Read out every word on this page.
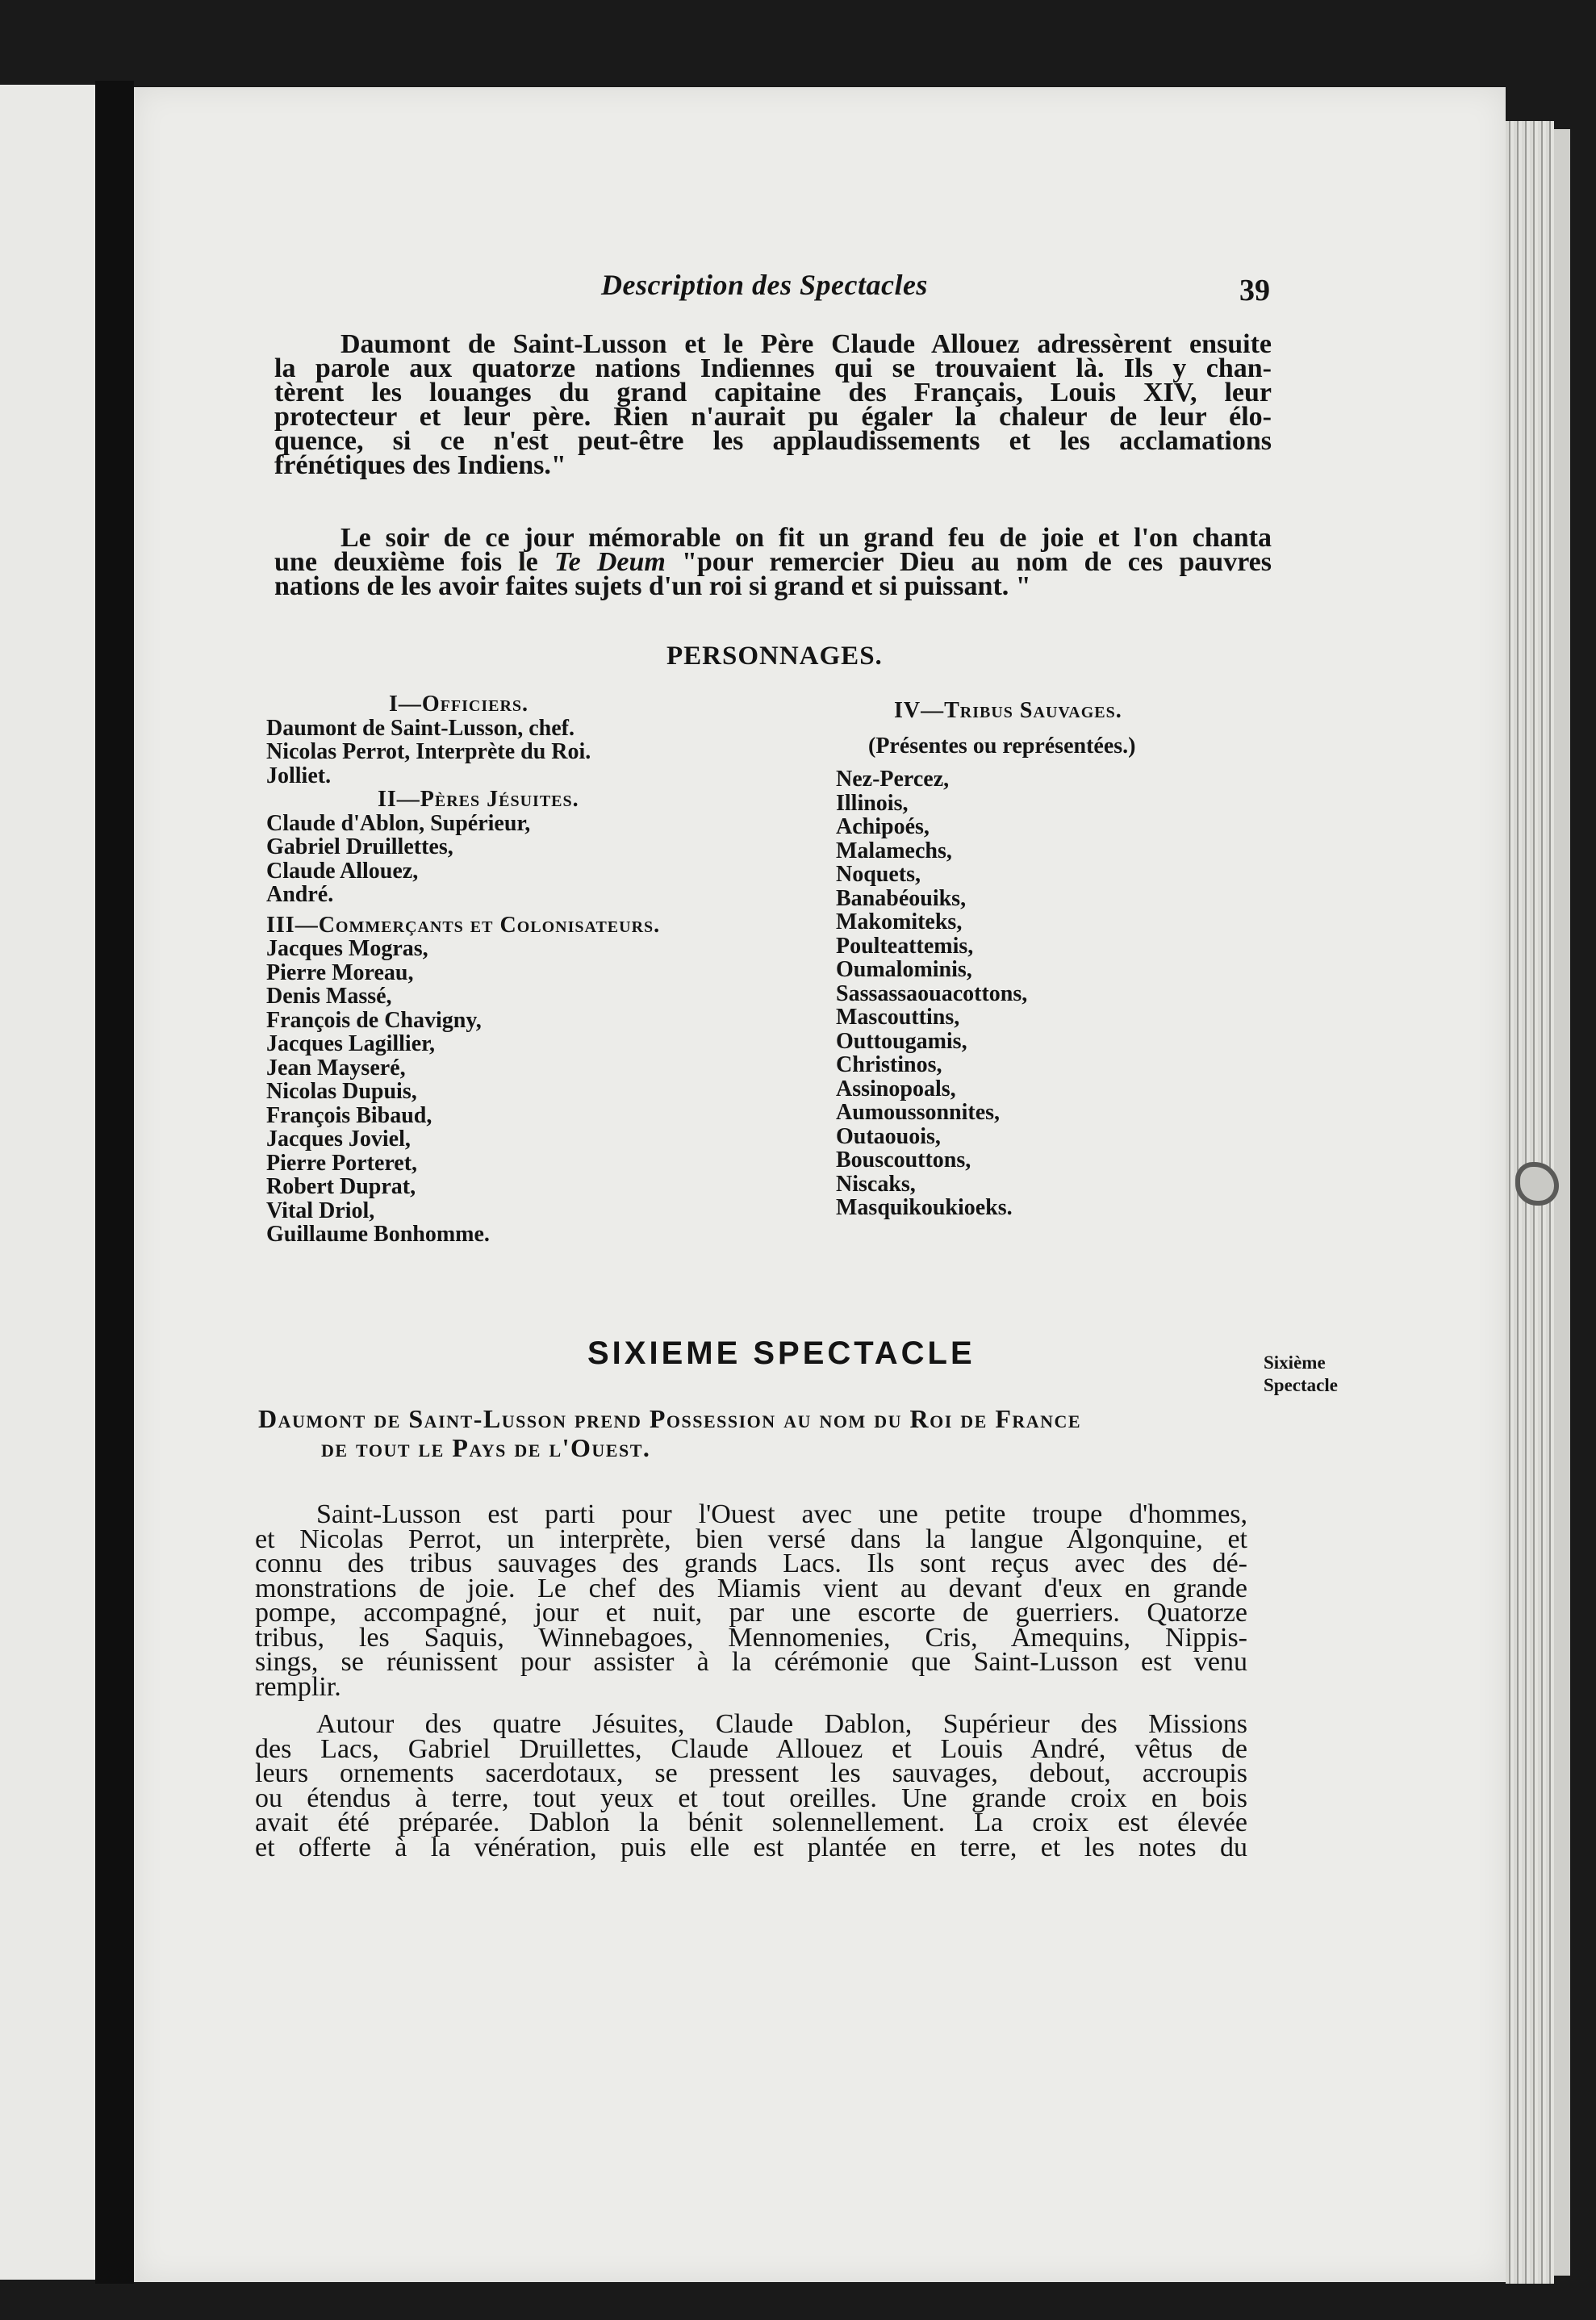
Description des Spectacles	39
Daumont de Saint-Lusson et le Père Claude Allouez adressèrent ensuite
la parole aux quatorze nations Indiennes qui se trouvaient là. Ils y chan-
tèrent les louanges du grand capitaine des Français, Louis XIV, leur
protecteur et leur père. Rien n'aurait pu égaler la chaleur de leur élo-
quence, si ce n'est peut-être les applaudissements et les acclamations
frénétiques des Indiens."
Le soir de ce jour mémorable on fit un grand feu de joie et l'on chanta
une deuxième fois le Te Deum "pour remercier Dieu au nom de ces pauvres
nations de les avoir faites sujets d'un roi si grand et si puissant. "
PERSONNAGES.
I—Officiers.
Daumont de Saint-Lusson, chef.
Nicolas Perrot, Interprète du Roi.
Jolliet.
II—Pères Jésuites.
Claude d'Ablon, Supérieur,
Gabriel Druillettes,
Claude Allouez,
André.
III—Commerçants et Colonisateurs.
Jacques Mogras,
Pierre Moreau,
Denis Massé,
François de Chavigny,
Jacques Lagillier,
Jean Mayseré,
Nicolas Dupuis,
François Bibaud,
Jacques Joviel,
Pierre Porteret,
Robert Duprat,
Vital Driol,
Guillaume Bonhomme.
IV—Tribus Sauvages.
(Présentes ou représentées.)
Nez-Percez,
Illinois,
Achipoés,
Malamechs,
Noquets,
Banabéouiks,
Makomiteks,
Poulteattemis,
Oumalominis,
Sassassaouacottons,
Mascouttins,
Outtougamis,
Christinos,
Assinopoals,
Aumoussonnites,
Outaouois,
Bouscouttons,
Niscaks,
Masquikoukioeks.
SIXIEME SPECTACLE	Sixième
Spectacle
Daumont de Saint-Lusson prend Possession au nom du Roi de France
de tout le Pays de l'Ouest.
Saint-Lusson est parti pour l'Ouest avec une petite troupe d'hommes,
et Nicolas Perrot, un interprète, bien versé dans la langue Algonquine, et
connu des tribus sauvages des grands Lacs. Ils sont reçus avec des dé-
monstrations de joie. Le chef des Miamis vient au devant d'eux en grande
pompe, accompagné, jour et nuit, par une escorte de guerriers. Quatorze
tribus, les Saquis, Winnebagoes, Mennomenies, Cris, Amequins, Nippis-
sings, se réunissent pour assister à la cérémonie que Saint-Lusson est venu
remplir.
Autour des quatre Jésuites, Claude Dablon, Supérieur des Missions
des Lacs, Gabriel Druillettes, Claude Allouez et Louis André, vêtus de
leurs ornements sacerdotaux, se pressent les sauvages, debout, accroupis
ou étendus à terre, tout yeux et tout oreilles. Une grande croix en bois
avait été préparée. Dablon la bénit solennellement. La croix est élevée
et offerte à la vénération, puis elle est plantée en terre, et les notes du
